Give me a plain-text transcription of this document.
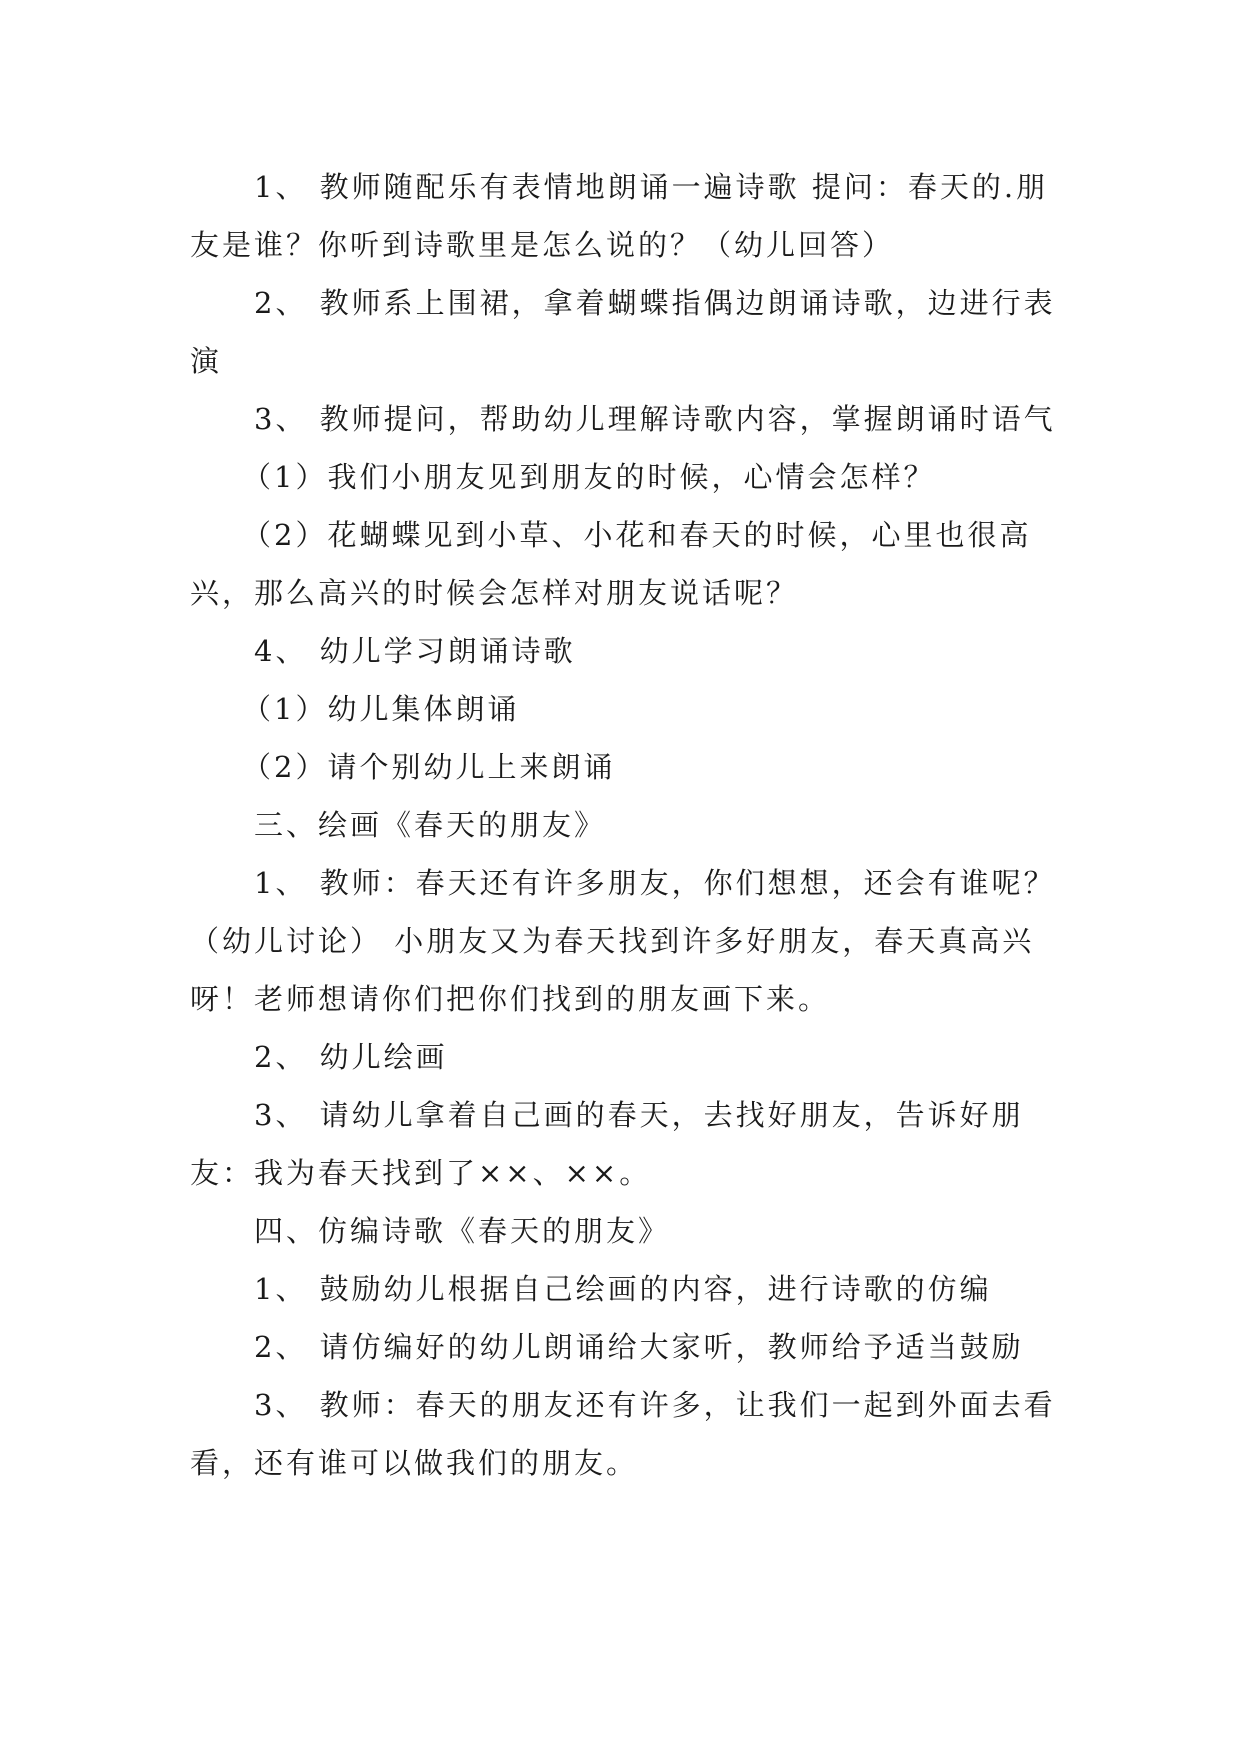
1、 教师随配乐有表情地朗诵一遍诗歌 提问：春天的.朋友是谁？你听到诗歌里是怎么说的？（幼儿回答）

2、 教师系上围裙，拿着蝴蝶指偶边朗诵诗歌，边进行表演

3、 教师提问，帮助幼儿理解诗歌内容，掌握朗诵时语气

（1）我们小朋友见到朋友的时候，心情会怎样？

（2）花蝴蝶见到小草、小花和春天的时候，心里也很高兴，那么高兴的时候会怎样对朋友说话呢？

4、 幼儿学习朗诵诗歌

（1）幼儿集体朗诵

（2）请个别幼儿上来朗诵

三、绘画《春天的朋友》

1、 教师：春天还有许多朋友，你们想想，还会有谁呢？（幼儿讨论） 小朋友又为春天找到许多好朋友，春天真高兴呀！老师想请你们把你们找到的朋友画下来。

2、 幼儿绘画

3、 请幼儿拿着自己画的春天，去找好朋友，告诉好朋友：我为春天找到了××、××。

四、仿编诗歌《春天的朋友》

1、 鼓励幼儿根据自己绘画的内容，进行诗歌的仿编

2、 请仿编好的幼儿朗诵给大家听，教师给予适当鼓励

3、 教师：春天的朋友还有许多，让我们一起到外面去看看，还有谁可以做我们的朋友。
